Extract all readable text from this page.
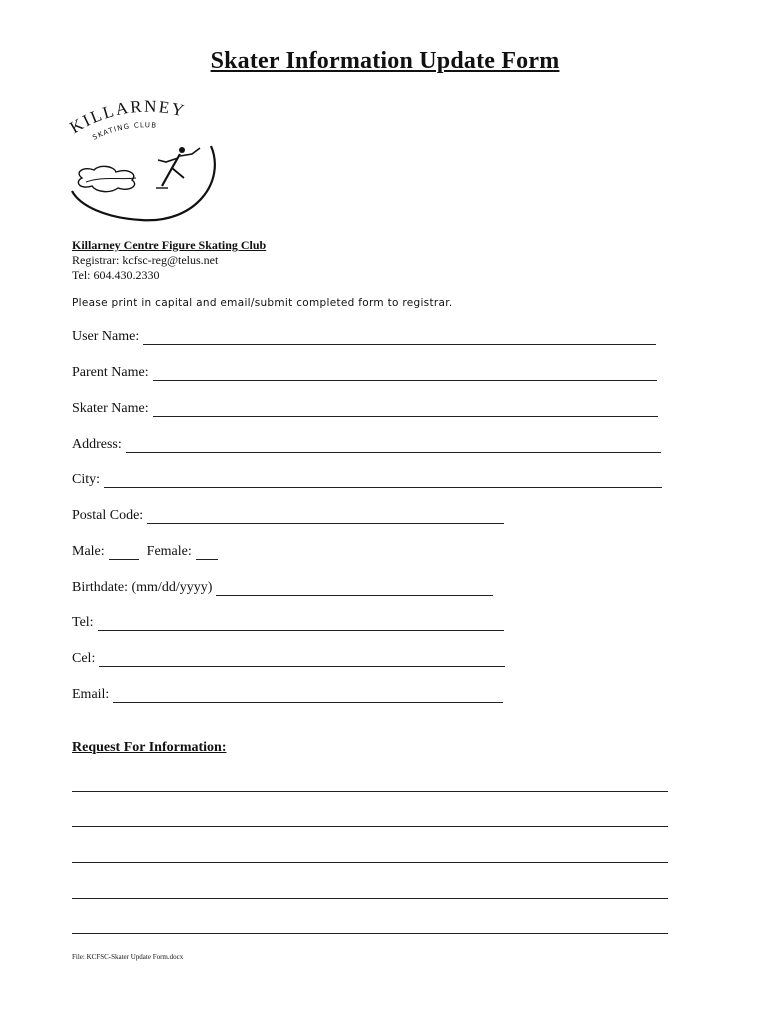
Skater Information Update Form
KILLARNEY
SKATING CLUB
Killarney Centre Figure Skating Club
Registrar: kcfsc-reg@telus.net
Tel: 604.430.2330
Please print in capital and email/submit completed form to registrar.
User Name:
Parent Name:
Skater Name:
Address:
City:
Postal Code:
Male:	Female:
Birthdate: (mm/dd/yyyy)
Tel:
Cel:
Email:
Request For Information:
File: KCFSC-Skater Update Form.docx
